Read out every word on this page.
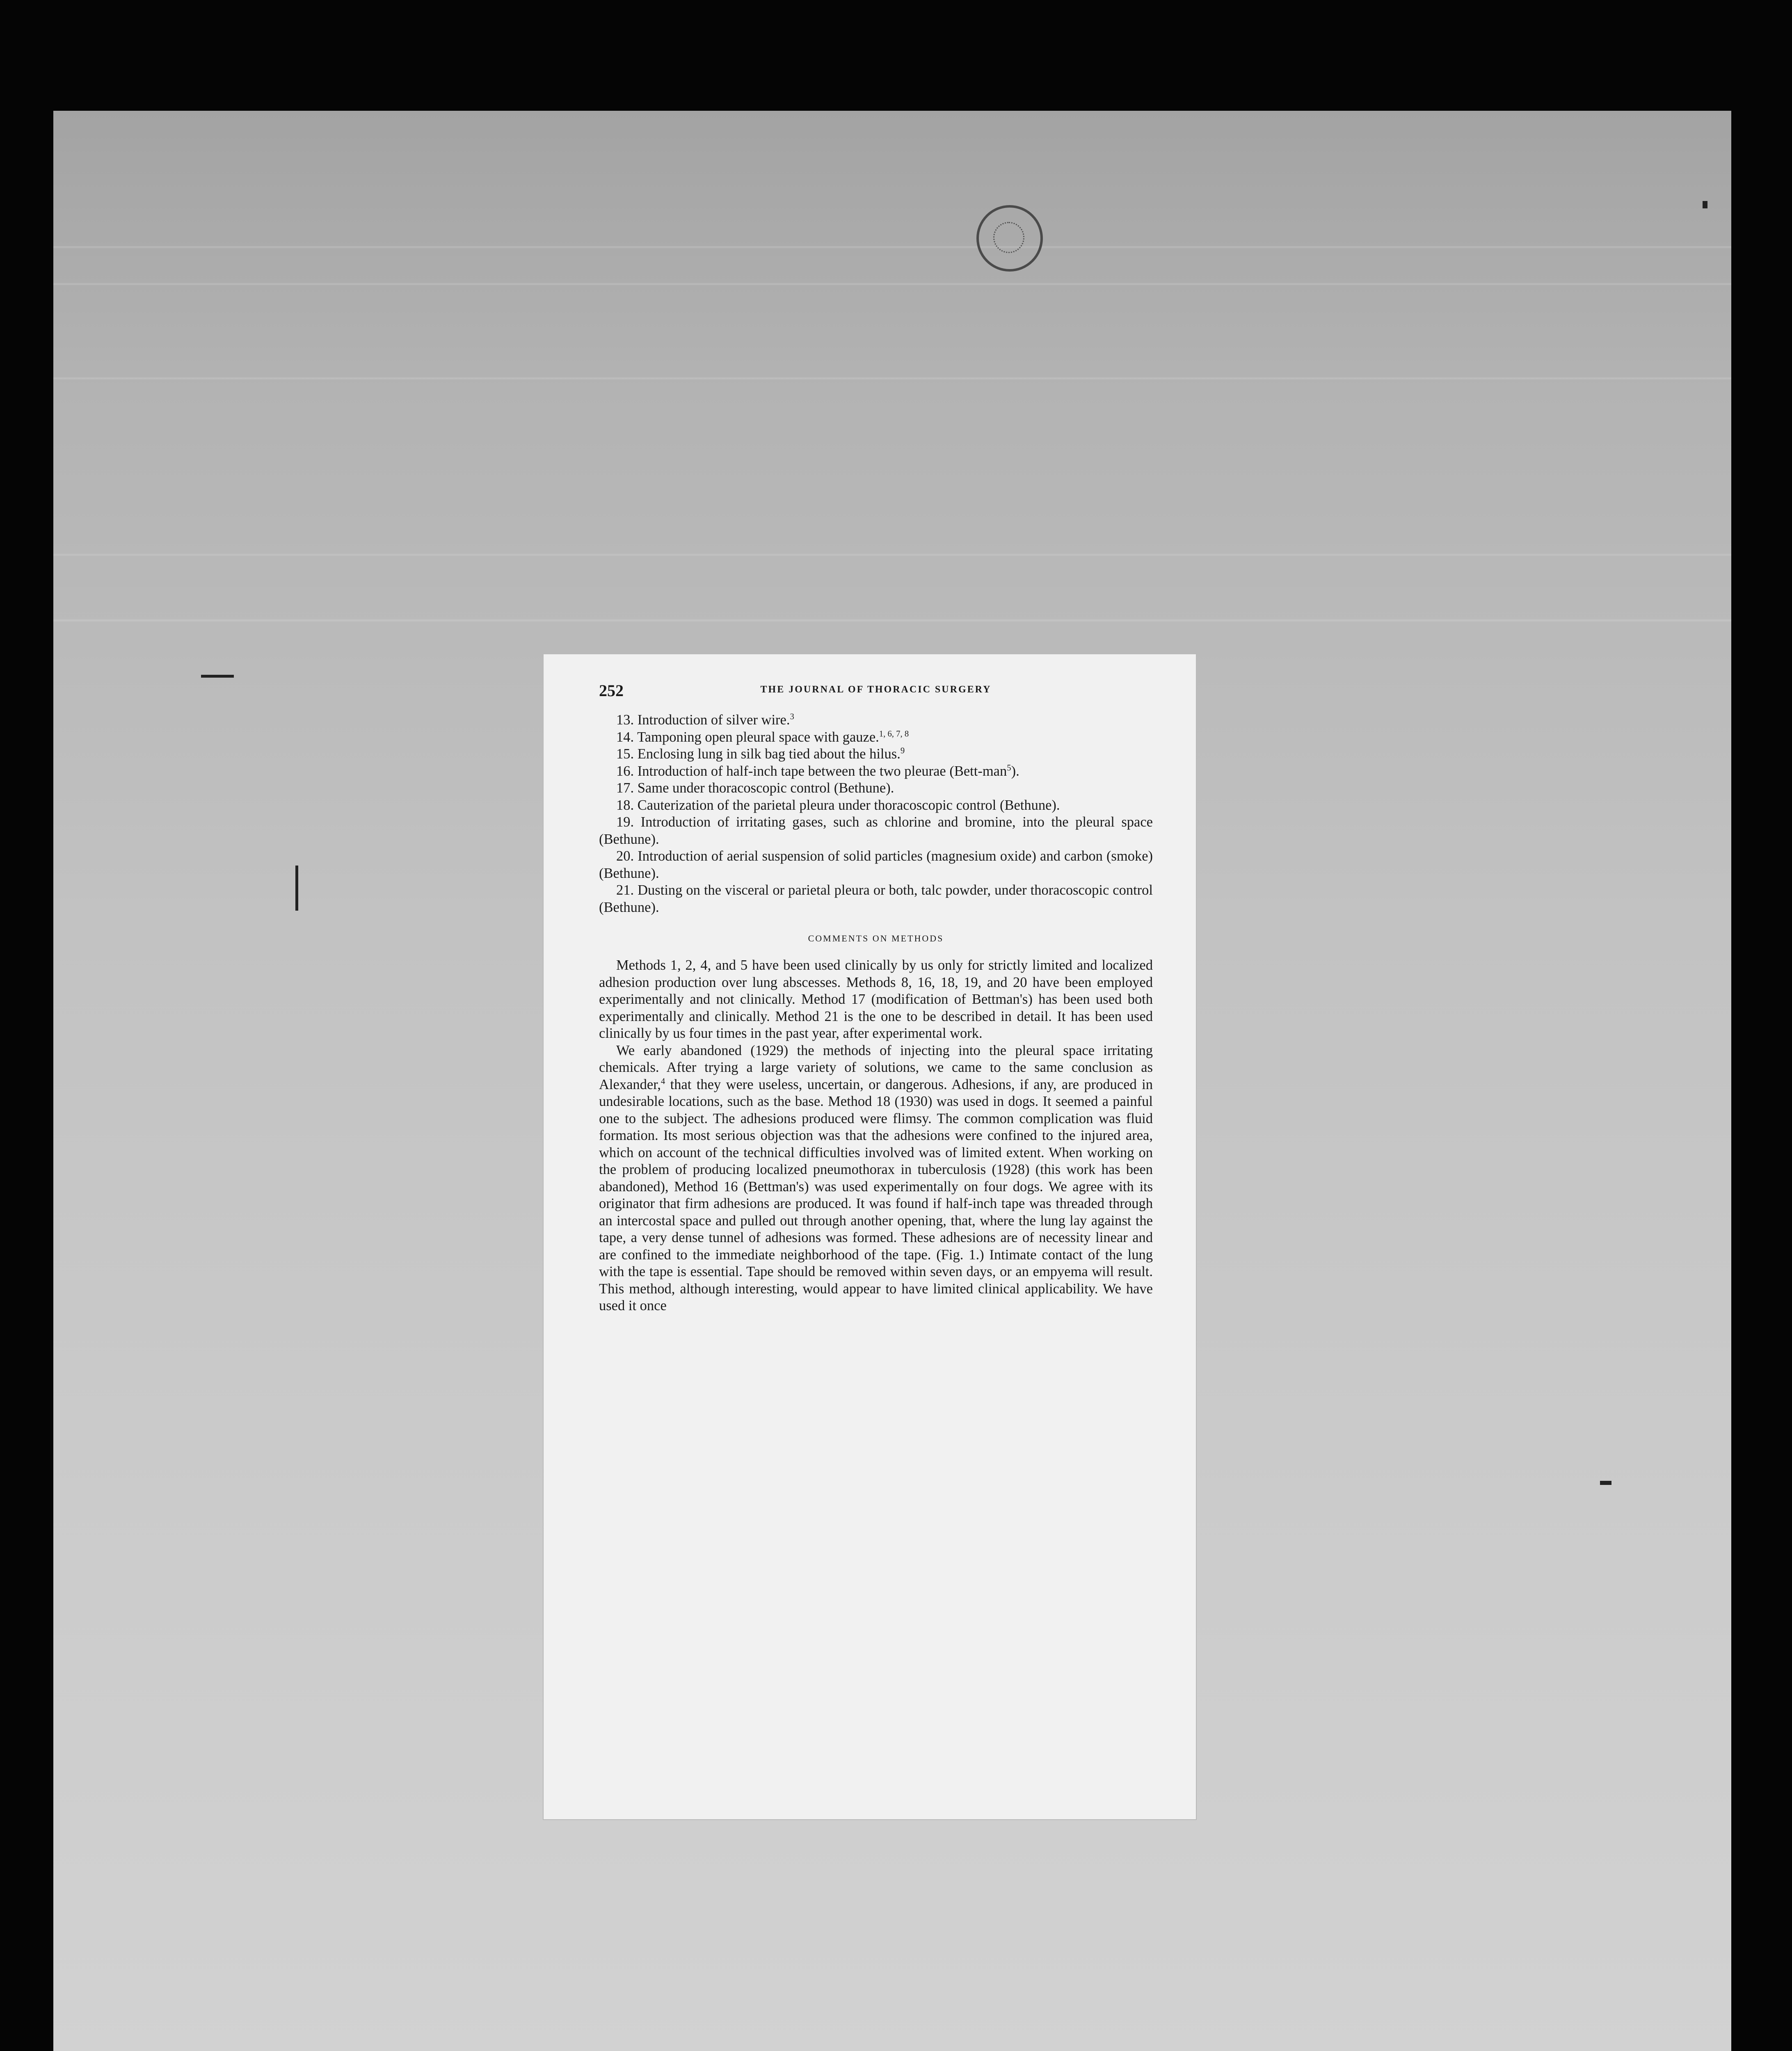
252	THE JOURNAL OF THORACIC SURGERY

13. Introduction of silver wire.$^3$

14. Tamponing open pleural space with gauze.$^{1, 6, 7, 8}$

15. Enclosing lung in silk bag tied about the hilus.$^9$

16. Introduction of half-inch tape between the two pleurae (Bett-man$^5$).

17. Same under thoracoscopic control (Bethune).

18. Cauterization of the parietal pleura under thoracoscopic control (Bethune).

19. Introduction of irritating gases, such as chlorine and bromine, into the pleural space (Bethune).

20. Introduction of aerial suspension of solid particles (magnesium oxide) and carbon (smoke) (Bethune).

21. Dusting on the visceral or parietal pleura or both, talc powder, under thoracoscopic control (Bethune).

COMMENTS ON METHODS

Methods 1, 2, 4, and 5 have been used clinically by us only for strictly limited and localized adhesion production over lung abscesses. Methods 8, 16, 18, 19, and 20 have been employed experimentally and not clinically. Method 17 (modification of Bettman's) has been used both experimentally and clinically. Method 21 is the one to be described in detail. It has been used clinically by us four times in the past year, after experimental work.

We early abandoned (1929) the methods of injecting into the pleural space irritating chemicals. After trying a large variety of solutions, we came to the same conclusion as Alexander,$^4$ that they were useless, uncertain, or dangerous. Adhesions, if any, are produced in undesirable locations, such as the base. Method 18 (1930) was used in dogs. It seemed a painful one to the subject. The adhesions produced were flimsy. The common complication was fluid formation. Its most serious objection was that the adhesions were confined to the injured area, which on account of the technical difficulties involved was of limited extent. When working on the problem of producing localized pneumothorax in tuberculosis (1928) (this work has been abandoned), Method 16 (Bettman's) was used experimentally on four dogs. We agree with its originator that firm adhesions are produced. It was found if half-inch tape was threaded through an intercostal space and pulled out through another opening, that, where the lung lay against the tape, a very dense tunnel of adhesions was formed. These adhesions are of necessity linear and are confined to the immediate neighborhood of the tape. (Fig. 1.) Intimate contact of the lung with the tape is essential. Tape should be removed within seven days, or an empyema will result. This method, although interesting, would appear to have limited clinical applicability. We have used it once
